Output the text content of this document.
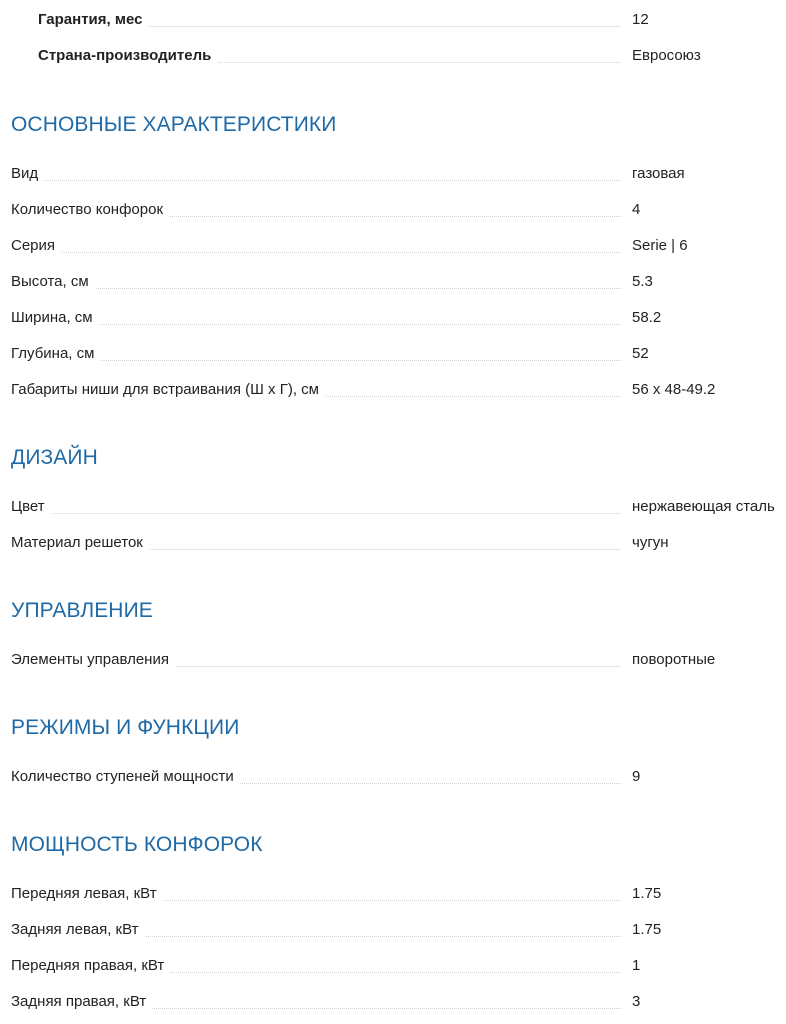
Гарантия, мес	12
Страна-производитель	Евросоюз
ОСНОВНЫЕ ХАРАКТЕРИСТИКИ
Вид	газовая
Количество конфорок	4
Серия	Serie | 6
Высота, см	5.3
Ширина, см	58.2
Глубина, см	52
Габариты ниши для встраивания (Ш х Г), см	56 х 48-49.2
ДИЗАЙН
Цвет	нержавеющая сталь
Материал решеток	чугун
УПРАВЛЕНИЕ
Элементы управления	поворотные
РЕЖИМЫ И ФУНКЦИИ
Количество ступеней мощности	9
МОЩНОСТЬ КОНФОРОК
Передняя левая, кВт	1.75
Задняя левая, кВт	1.75
Передняя правая, кВт	1
Задняя правая, кВт	3
